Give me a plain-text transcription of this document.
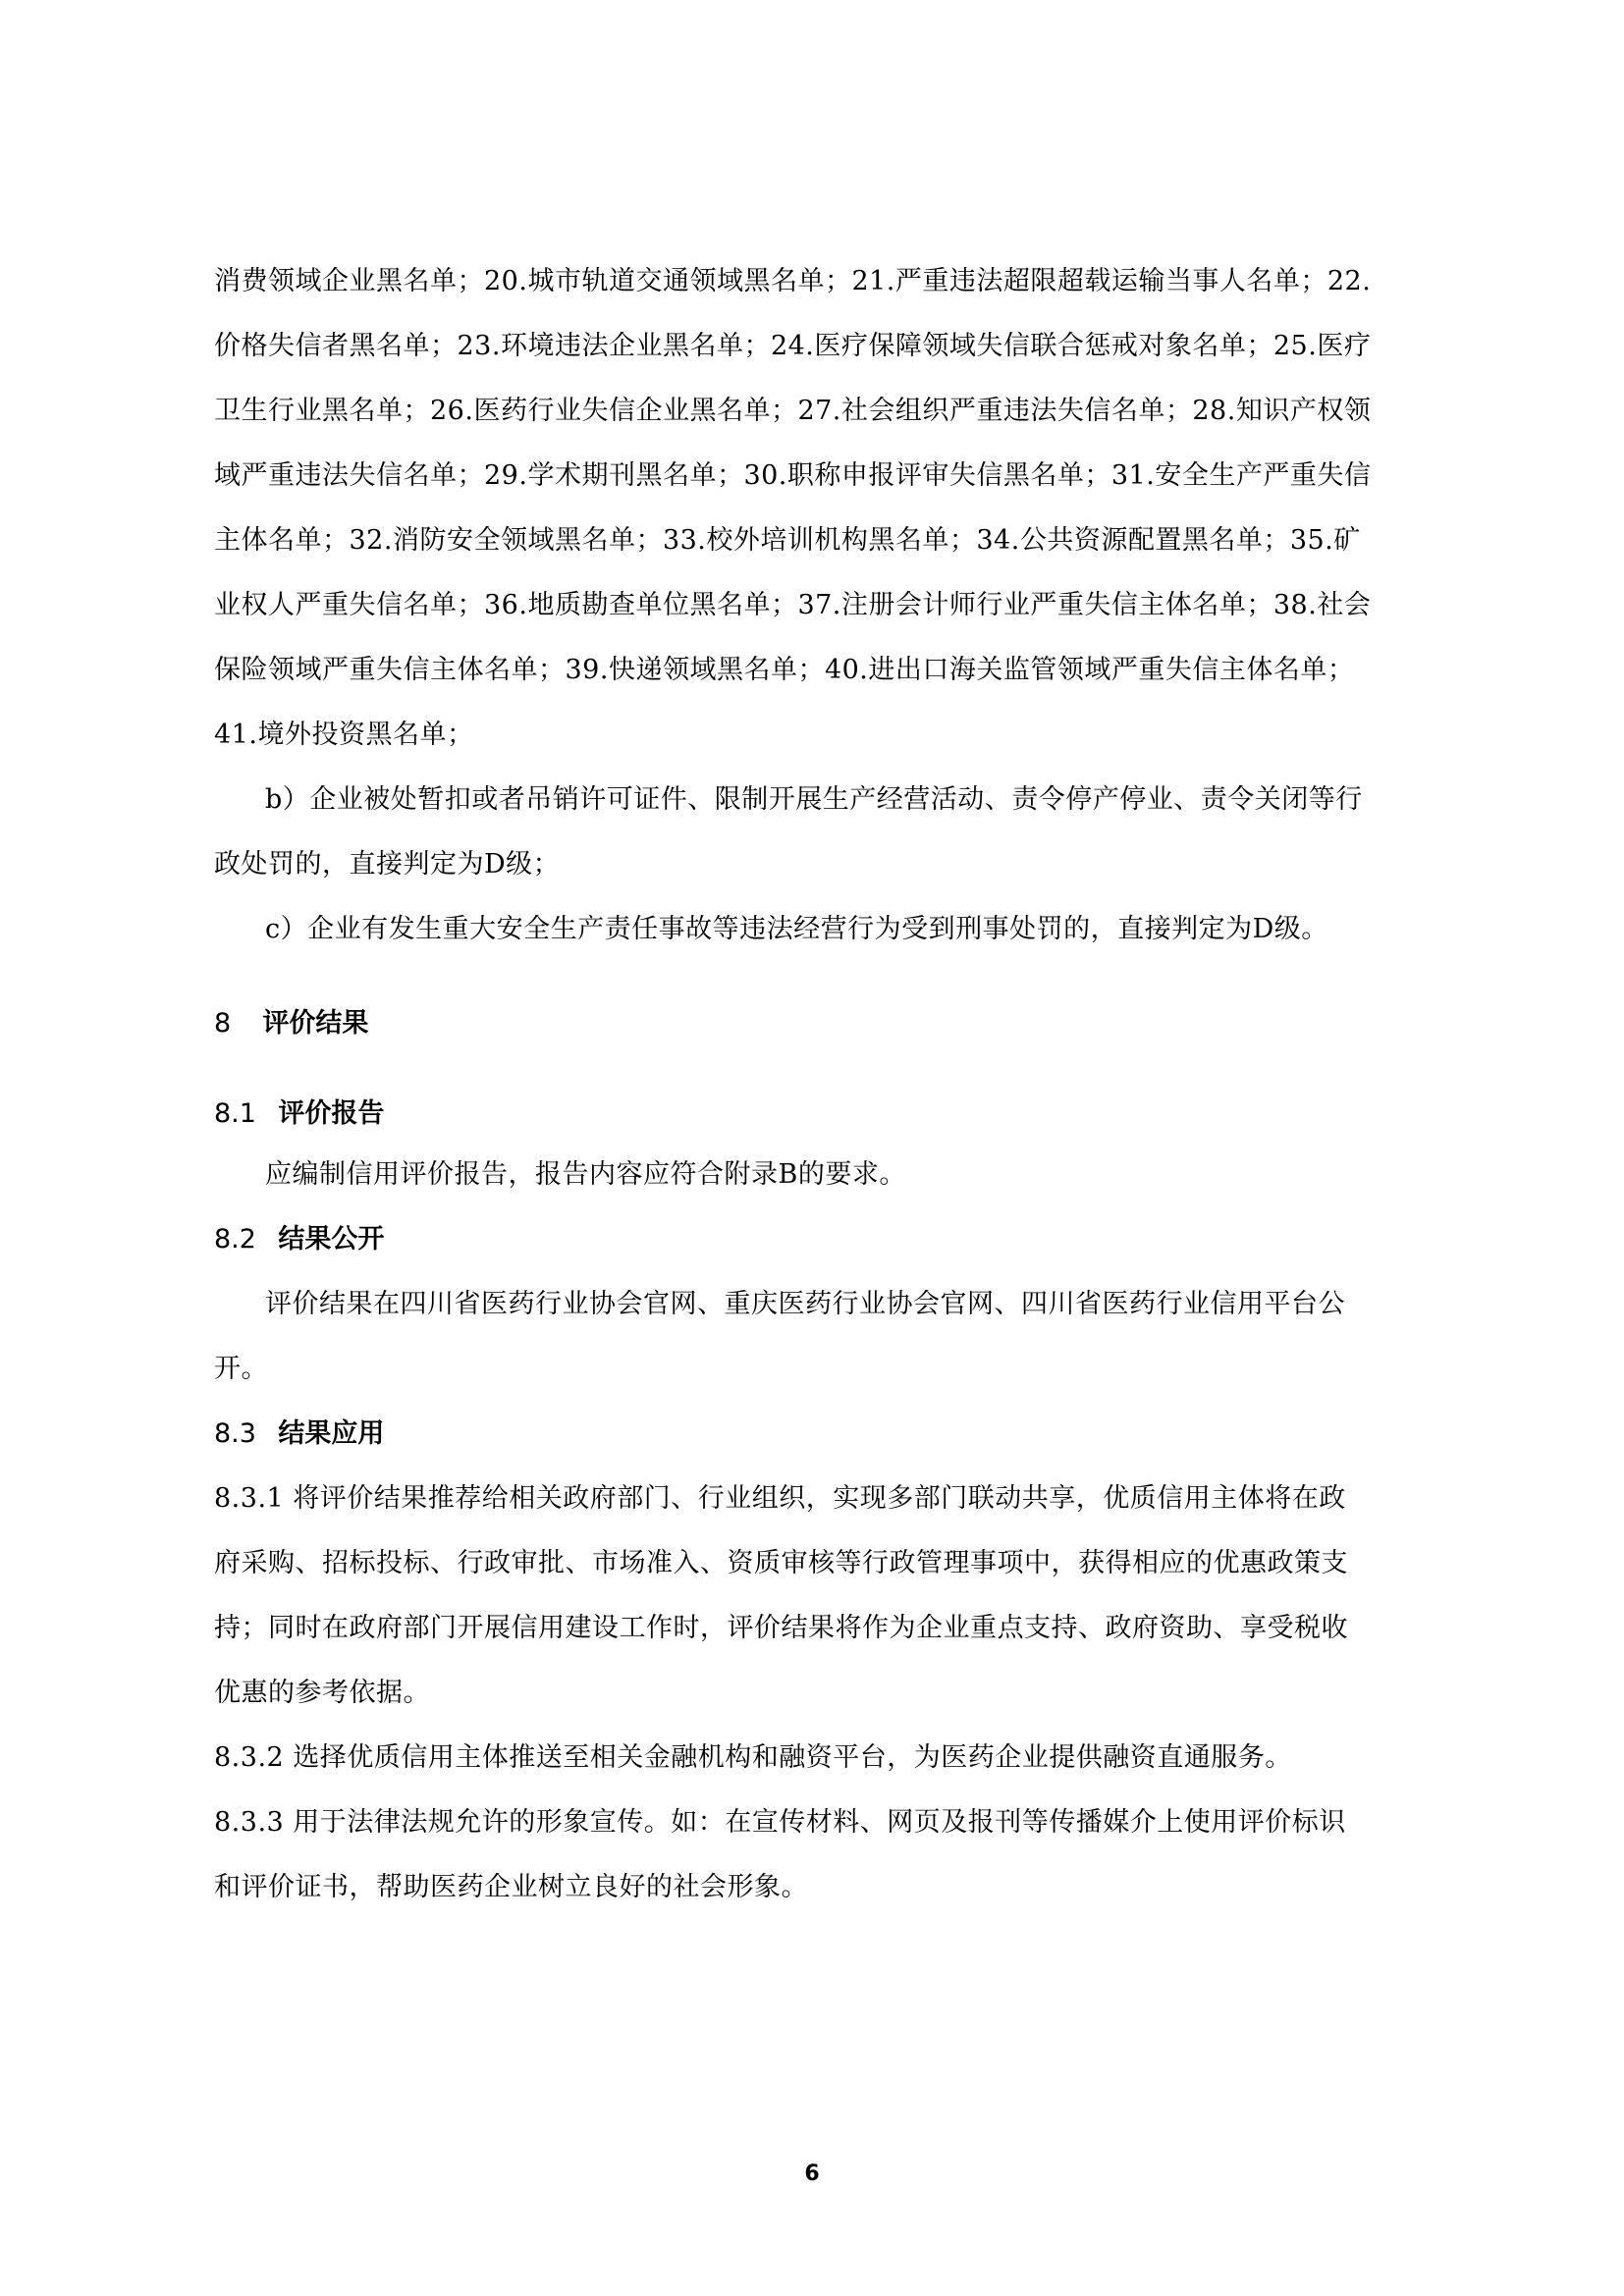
消费领域企业黑名单；20.城市轨道交通领域黑名单；21.严重违法超限超载运输当事人名单；22.
价格失信者黑名单；23.环境违法企业黑名单；24.医疗保障领域失信联合惩戒对象名单；25.医疗
卫生行业黑名单；26.医药行业失信企业黑名单；27.社会组织严重违法失信名单；28.知识产权领
域严重违法失信名单；29.学术期刊黑名单；30.职称申报评审失信黑名单；31.安全生产严重失信
主体名单；32.消防安全领域黑名单；33.校外培训机构黑名单；34.公共资源配置黑名单；35.矿
业权人严重失信名单；36.地质勘查单位黑名单；37.注册会计师行业严重失信主体名单；38.社会
保险领域严重失信主体名单；39.快递领域黑名单；40.进出口海关监管领域严重失信主体名单；
41.境外投资黑名单；
b）企业被处暂扣或者吊销许可证件、限制开展生产经营活动、责令停产停业、责令关闭等行
政处罚的，直接判定为D级；
c）企业有发生重大安全生产责任事故等违法经营行为受到刑事处罚的，直接判定为D级。
8 评价结果
8.1 评价报告
应编制信用评价报告，报告内容应符合附录B的要求。
8.2 结果公开
评价结果在四川省医药行业协会官网、重庆医药行业协会官网、四川省医药行业信用平台公
开。
8.3 结果应用
8.3.1 将评价结果推荐给相关政府部门、行业组织，实现多部门联动共享，优质信用主体将在政
府采购、招标投标、行政审批、市场准入、资质审核等行政管理事项中，获得相应的优惠政策支
持；同时在政府部门开展信用建设工作时，评价结果将作为企业重点支持、政府资助、享受税收
优惠的参考依据。
8.3.2 选择优质信用主体推送至相关金融机构和融资平台，为医药企业提供融资直通服务。
8.3.3 用于法律法规允许的形象宣传。如：在宣传材料、网页及报刊等传播媒介上使用评价标识
和评价证书，帮助医药企业树立良好的社会形象。
6
